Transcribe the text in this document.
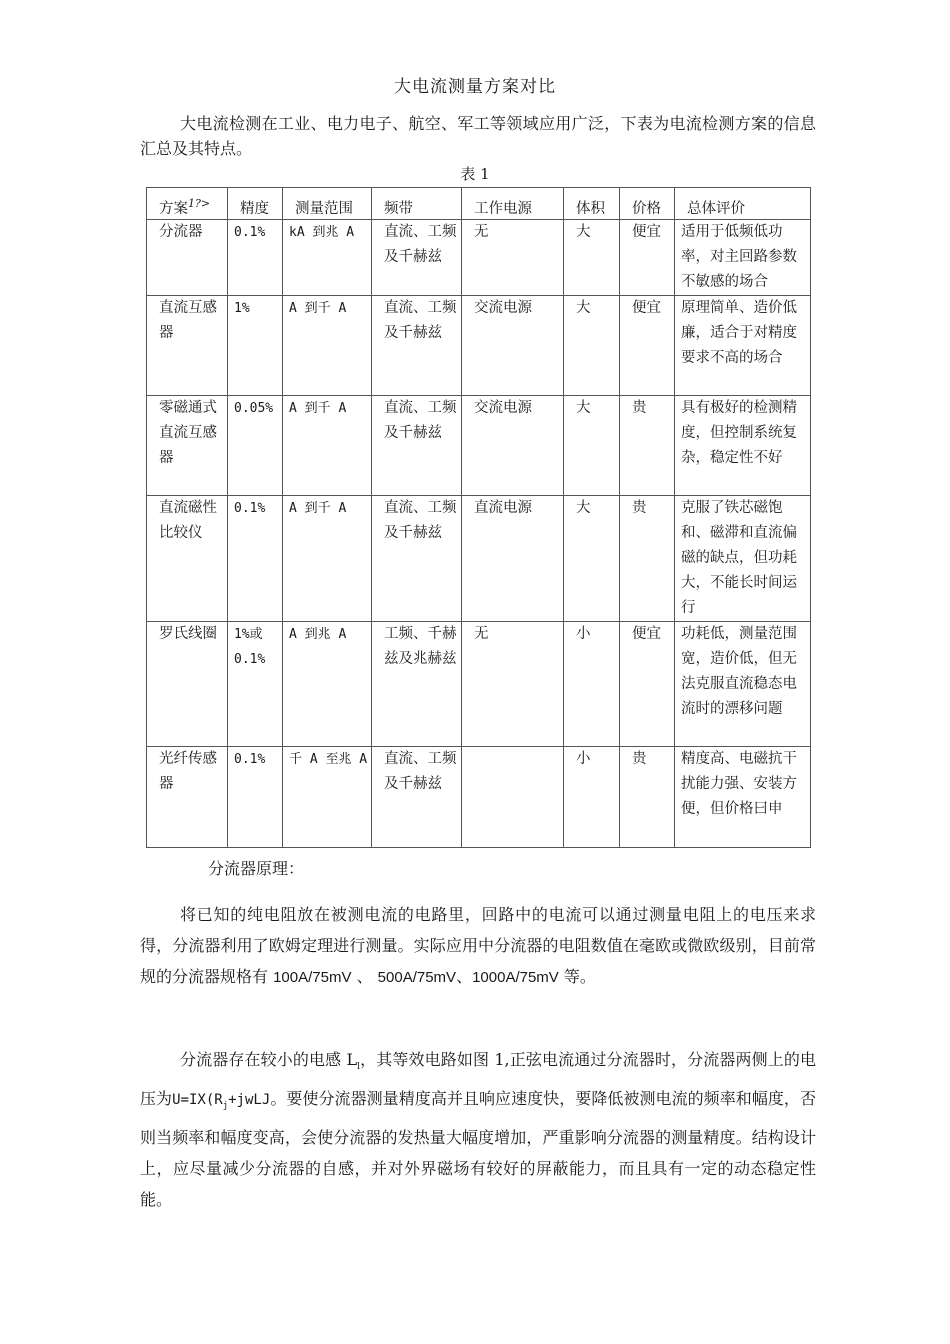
大电流测量方案对比
大电流检测在工业、电力电子、航空、军工等领域应用广泛，下表为电流检测方案的信息汇总及其特点。
表 1
方案$^{1?>}$	精度	测量范围	频带	工作电源	体积	价格	总体评价
分流器	0.1%	kA 到兆 A	直流、工频及千赫兹	无	大	便宜	适用于低频低功率，对主回路参数不敏感的场合
直流互感器	1%	A 到千 A	直流、工频及千赫兹	交流电源	大	便宜	原理简单、造价低廉，适合于对精度要求不高的场合
零磁通式直流互感器	0.05%	A 到千 A	直流、工频及千赫兹	交流电源	大	贵	具有极好的检测精度，但控制系统复杂，稳定性不好
直流磁性比较仪	0.1%	A 到千 A	直流、工频及千赫兹	直流电源	大	贵	克服了铁芯磁饱和、磁滞和直流偏磁的缺点，但功耗大，不能长时间运行
罗氏线圈	1%或 0.1%	A 到兆 A	工频、千赫兹及兆赫兹	无	小	便宜	功耗低，测量范围宽，造价低，但无法克服直流稳态电流时的漂移问题
光纤传感器	0.1%	千 A 至兆 A	直流、工频及千赫兹		小	贵	精度高、电磁抗干扰能力强、安装方便，但价格曰申
分流器原理：
将已知的纯电阻放在被测电流的电路里，回路中的电流可以通过测量电阻上的电压来求得，分流器利用了欧姆定理进行测量。实际应用中分流器的电阻数值在毫欧或微欧级别，目前常规的分流器规格有 100A/75mV 、 500A/75mV、1000A/75mV 等。
分流器存在较小的电感 $L_l$，其等效电路如图 1,正弦电流通过分流器时，分流器两侧上的电压为$U=IX(R_j+jwLJ$。要使分流器测量精度高并且响应速度快，要降低被测电流的频率和幅度，否则当频率和幅度变高，会使分流器的发热量大幅度增加，严重影响分流器的测量精度。结构设计上，应尽量减少分流器的自感，并对外界磁场有较好的屏蔽能力，而且具有一定的动态稳定性能。
